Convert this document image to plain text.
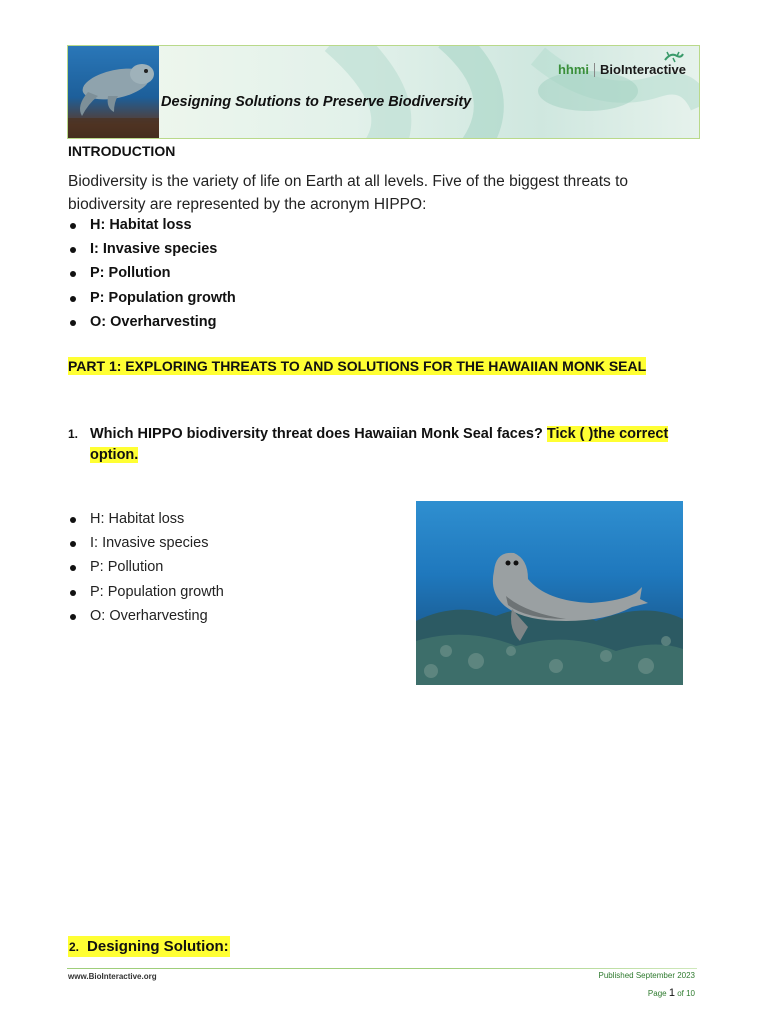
Designing Solutions to Preserve Biodiversity
hhmi BioInteractive
INTRODUCTION
Biodiversity is the variety of life on Earth at all levels. Five of the biggest threats to biodiversity are represented by the acronym HIPPO:
H: Habitat loss
I: Invasive species
P: Pollution
P: Population growth
O: Overharvesting
PART 1: EXPLORING THREATS TO AND SOLUTIONS FOR THE HAWAIIAN MONK SEAL
1. Which HIPPO biodiversity threat does Hawaiian Monk Seal faces? Tick ( )the correct option.
H: Habitat loss
I: Invasive species
P: Pollution
P: Population growth
O: Overharvesting
2. Designing Solution:
www.BioInteractive.org	Published September 2023
Page 1 of 10
